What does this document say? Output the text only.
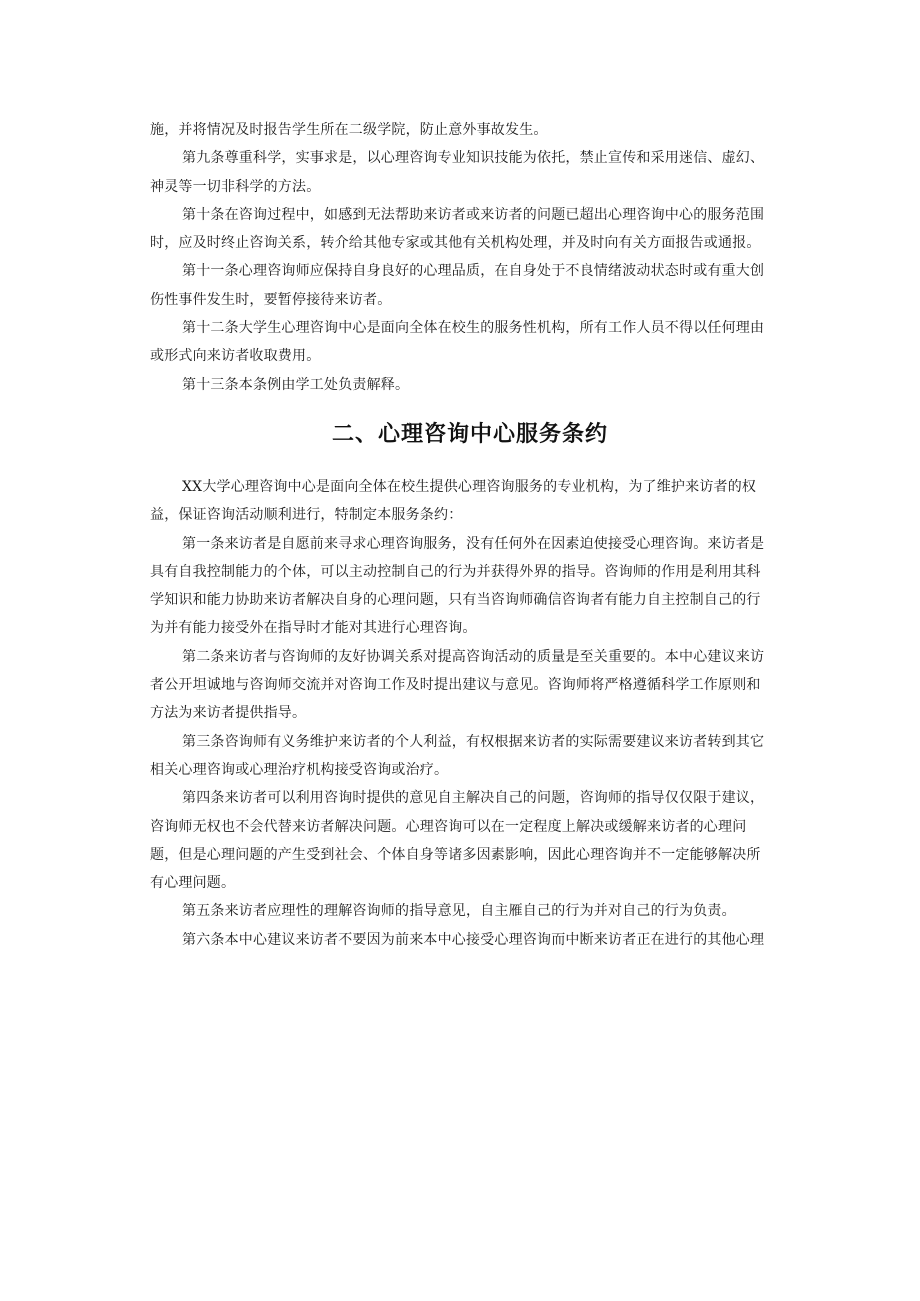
施，并将情况及时报告学生所在二级学院，防止意外事故发生。
第九条尊重科学，实事求是，以心理咨询专业知识技能为依托，禁止宣传和采用迷信、虚幻、
神灵等一切非科学的方法。
第十条在咨询过程中，如感到无法帮助来访者或来访者的问题已超出心理咨询中心的服务范围
时，应及时终止咨询关系，转介给其他专家或其他有关机构处理，并及时向有关方面报告或通报。
第十一条心理咨询师应保持自身良好的心理品质，在自身处于不良情绪波动状态时或有重大创
伤性事件发生时，要暂停接待来访者。
第十二条大学生心理咨询中心是面向全体在校生的服务性机构，所有工作人员不得以任何理由
或形式向来访者收取费用。
第十三条本条例由学工处负责解释。
二、心理咨询中心服务条约
XX大学心理咨询中心是面向全体在校生提供心理咨询服务的专业机构，为了维护来访者的权
益，保证咨询活动顺利进行，特制定本服务条约：
第一条来访者是自愿前来寻求心理咨询服务，没有任何外在因素迫使接受心理咨询。来访者是
具有自我控制能力的个体，可以主动控制自己的行为并获得外界的指导。咨询师的作用是利用其科
学知识和能力协助来访者解决自身的心理问题，只有当咨询师确信咨询者有能力自主控制自己的行
为并有能力接受外在指导时才能对其进行心理咨询。
第二条来访者与咨询师的友好协调关系对提高咨询活动的质量是至关重要的。本中心建议来访
者公开坦诚地与咨询师交流并对咨询工作及时提出建议与意见。咨询师将严格遵循科学工作原则和
方法为来访者提供指导。
第三条咨询师有义务维护来访者的个人利益，有权根据来访者的实际需要建议来访者转到其它
相关心理咨询或心理治疗机构接受咨询或治疗。
第四条来访者可以利用咨询时提供的意见自主解决自己的问题，咨询师的指导仅仅限于建议，
咨询师无权也不会代替来访者解决问题。心理咨询可以在一定程度上解决或缓解来访者的心理问
题，但是心理问题的产生受到社会、个体自身等诸多因素影响，因此心理咨询并不一定能够解决所
有心理问题。
第五条来访者应理性的理解咨询师的指导意见，自主雁自己的行为并对自己的行为负责。
第六条本中心建议来访者不要因为前来本中心接受心理咨询而中断来访者正在进行的其他心理
